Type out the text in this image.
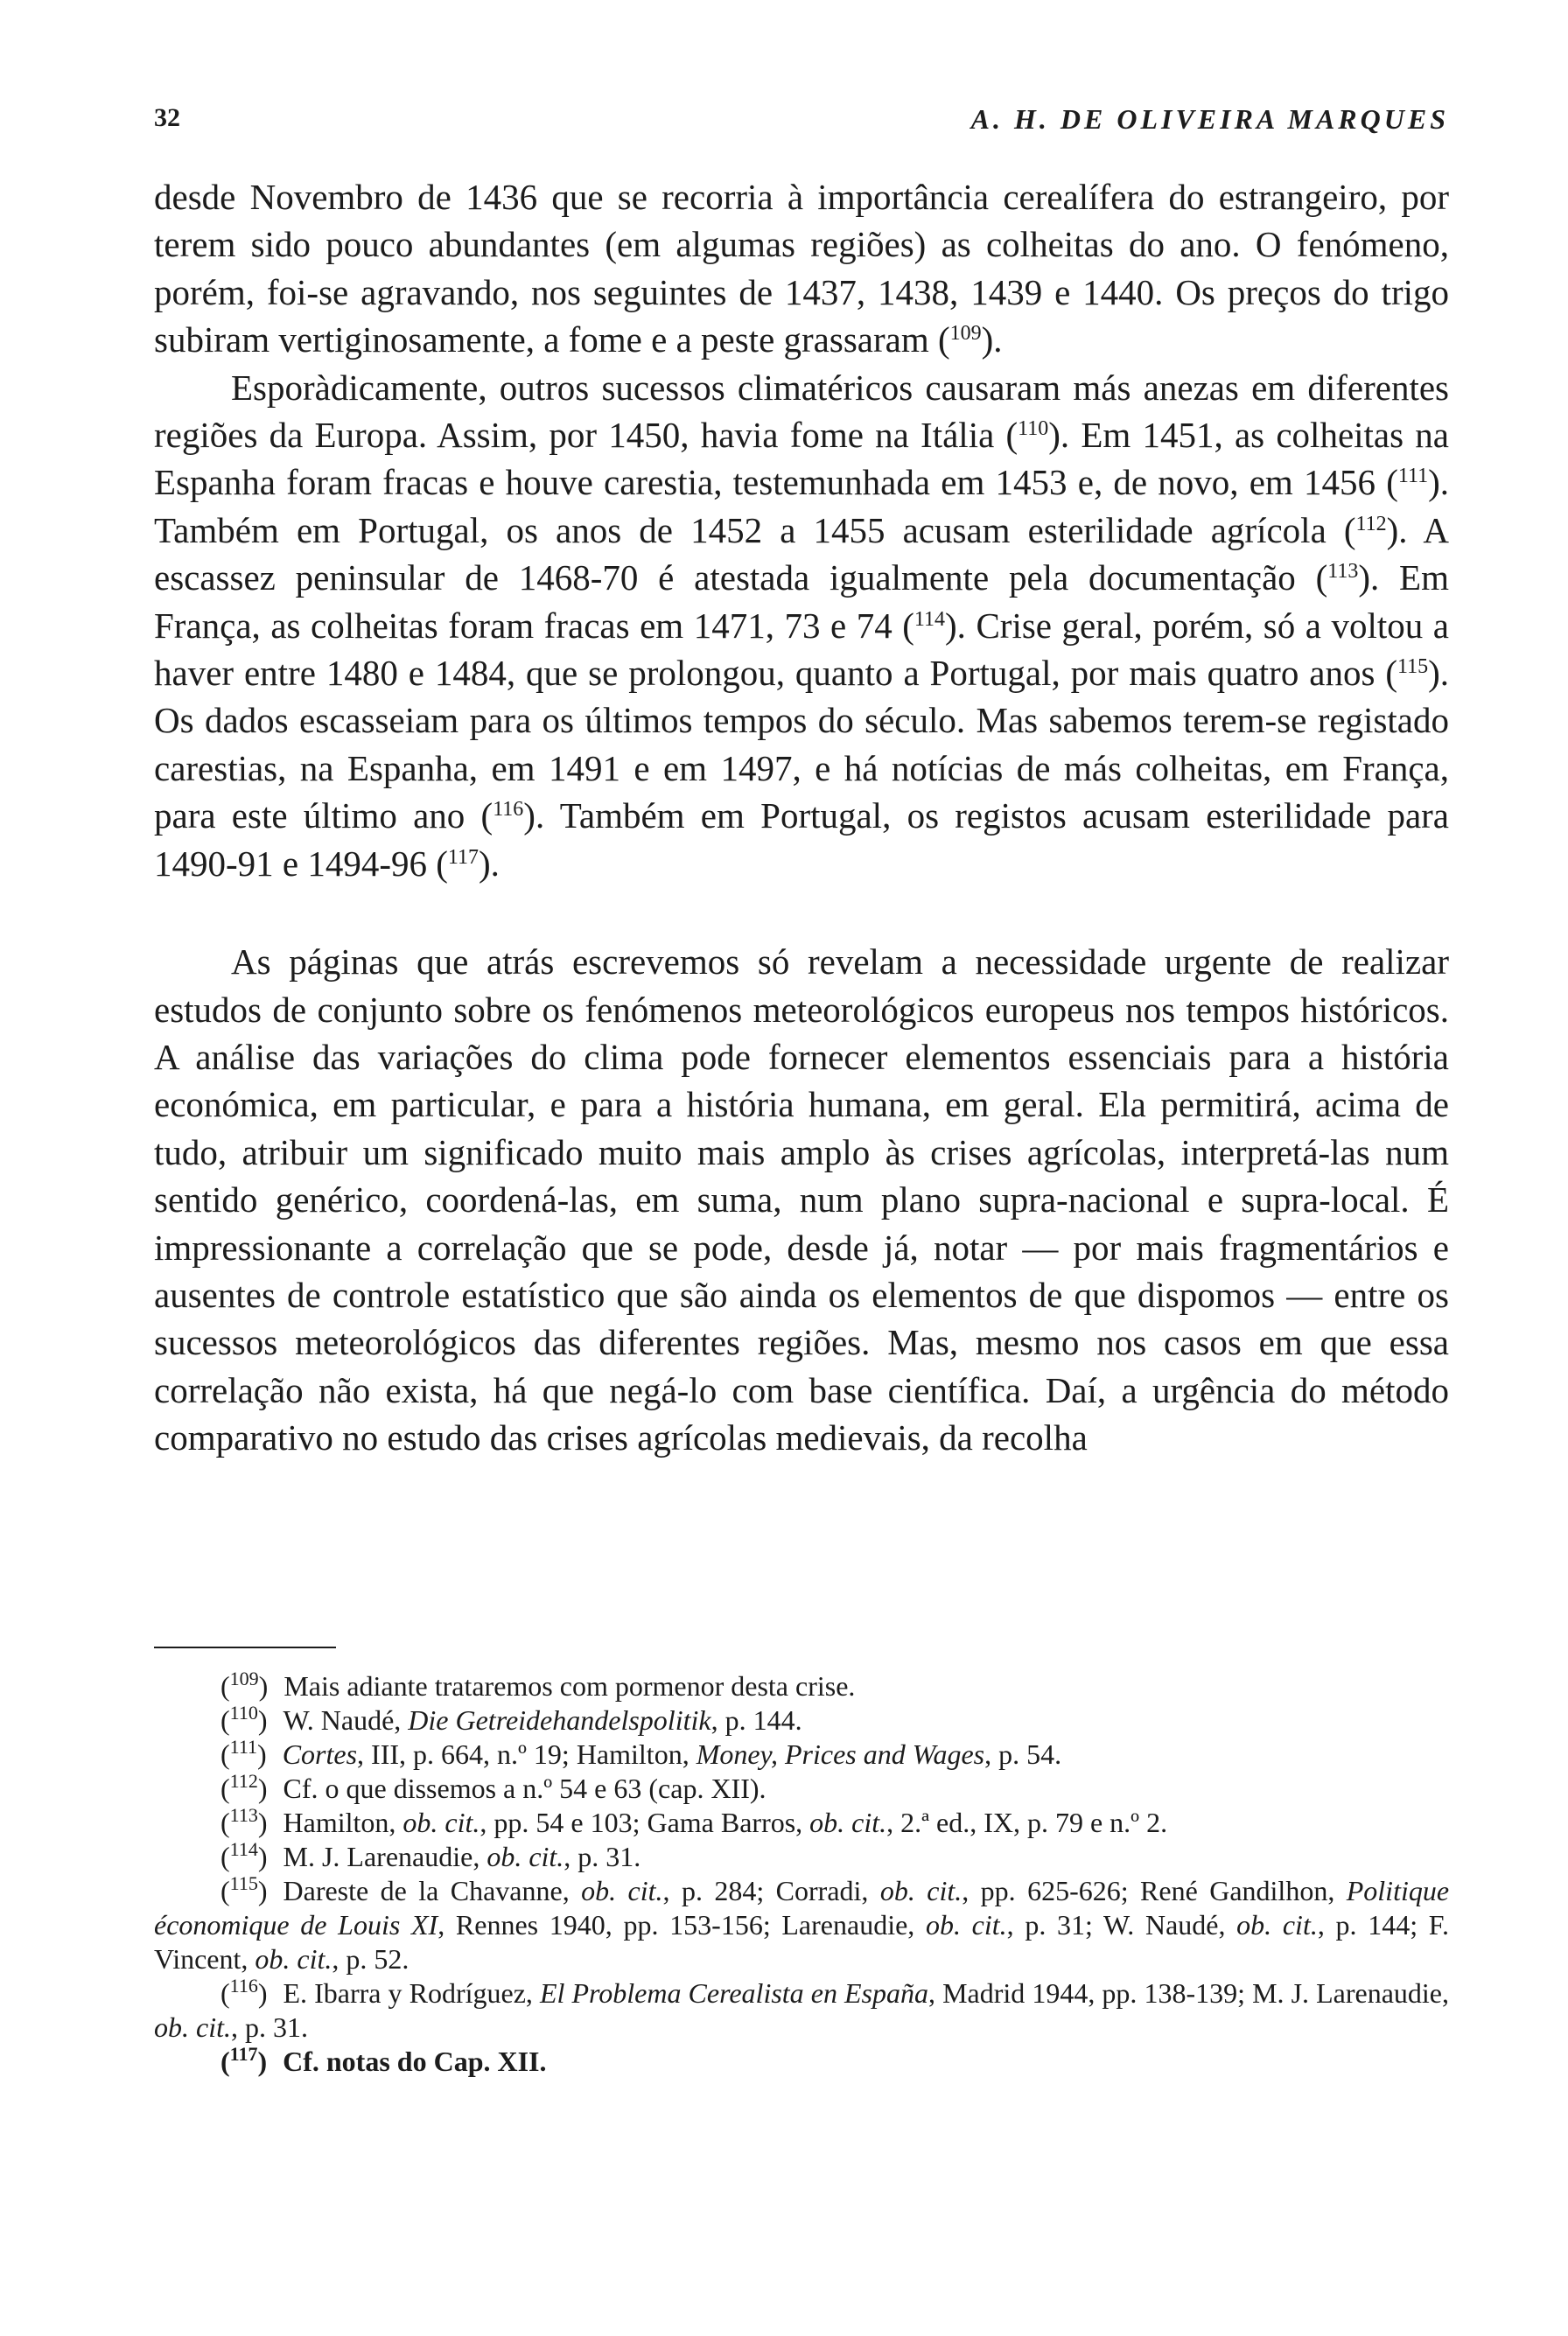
32	A. H. DE OLIVEIRA MARQUES

desde Novembro de 1436 que se recorria à importância cerealífera do estrangeiro, por terem sido pouco abundantes (em algumas regiões) as colheitas do ano. O fenómeno, porém, foi-se agravando, nos seguintes de 1437, 1438, 1439 e 1440. Os preços do trigo subiram vertiginosamente, a fome e a peste grassaram ($^{109}$).

Esporàdicamente, outros sucessos climatéricos causaram más anezas em diferentes regiões da Europa. Assim, por 1450, havia fome na Itália ($^{110}$). Em 1451, as colheitas na Espanha foram fracas e houve carestia, testemunhada em 1453 e, de novo, em 1456 ($^{111}$). Também em Portugal, os anos de 1452 a 1455 acusam esterilidade agrícola ($^{112}$). A escassez peninsular de 1468-70 é atestada igualmente pela documentação ($^{113}$). Em França, as colheitas foram fracas em 1471, 73 e 74 ($^{114}$). Crise geral, porém, só a voltou a haver entre 1480 e 1484, que se prolongou, quanto a Portugal, por mais quatro anos ($^{115}$). Os dados escasseiam para os últimos tempos do século. Mas sabemos terem-se registado carestias, na Espanha, em 1491 e em 1497, e há notícias de más colheitas, em França, para este último ano ($^{116}$). Também em Portugal, os registos acusam esterilidade para 1490-91 e 1494-96 ($^{117}$).

As páginas que atrás escrevemos só revelam a necessidade urgente de realizar estudos de conjunto sobre os fenómenos meteorológicos europeus nos tempos históricos. A análise das variações do clima pode fornecer elementos essenciais para a história económica, em particular, e para a história humana, em geral. Ela permitirá, acima de tudo, atribuir um significado muito mais amplo às crises agrícolas, interpretá-las num sentido genérico, coordená-las, em suma, num plano supra-nacional e supra-local. É impressionante a correlação que se pode, desde já, notar — por mais fragmentários e ausentes de controle estatístico que são ainda os elementos de que dispomos — entre os sucessos meteorológicos das diferentes regiões. Mas, mesmo nos casos em que essa correlação não exista, há que negá-lo com base científica. Daí, a urgência do método comparativo no estudo das crises agrícolas medievais, da recolha

($^{109}$) Mais adiante trataremos com pormenor desta crise.

($^{110}$) W. Naudé, Die Getreidehandelspolitik, p. 144.

($^{111}$) Cortes, III, p. 664, n.º 19; Hamilton, Money, Prices and Wages, p. 54.

($^{112}$) Cf. o que dissemos a n.º 54 e 63 (cap. XII).

($^{113}$) Hamilton, ob. cit., pp. 54 e 103; Gama Barros, ob. cit., 2.ª ed., IX, p. 79 e n.º 2.

($^{114}$) M. J. Larenaudie, ob. cit., p. 31.

($^{115}$) Dareste de la Chavanne, ob. cit., p. 284; Corradi, ob. cit., pp. 625-626; René Gandilhon, Politique économique de Louis XI, Rennes 1940, pp. 153-156; Larenaudie, ob. cit., p. 31; W. Naudé, ob. cit., p. 144; F. Vincent, ob. cit., p. 52.

($^{116}$) E. Ibarra y Rodríguez, El Problema Cerealista en España, Madrid 1944, pp. 138-139; M. J. Larenaudie, ob. cit., p. 31.

($^{117}$) Cf. notas do Cap. XII.
